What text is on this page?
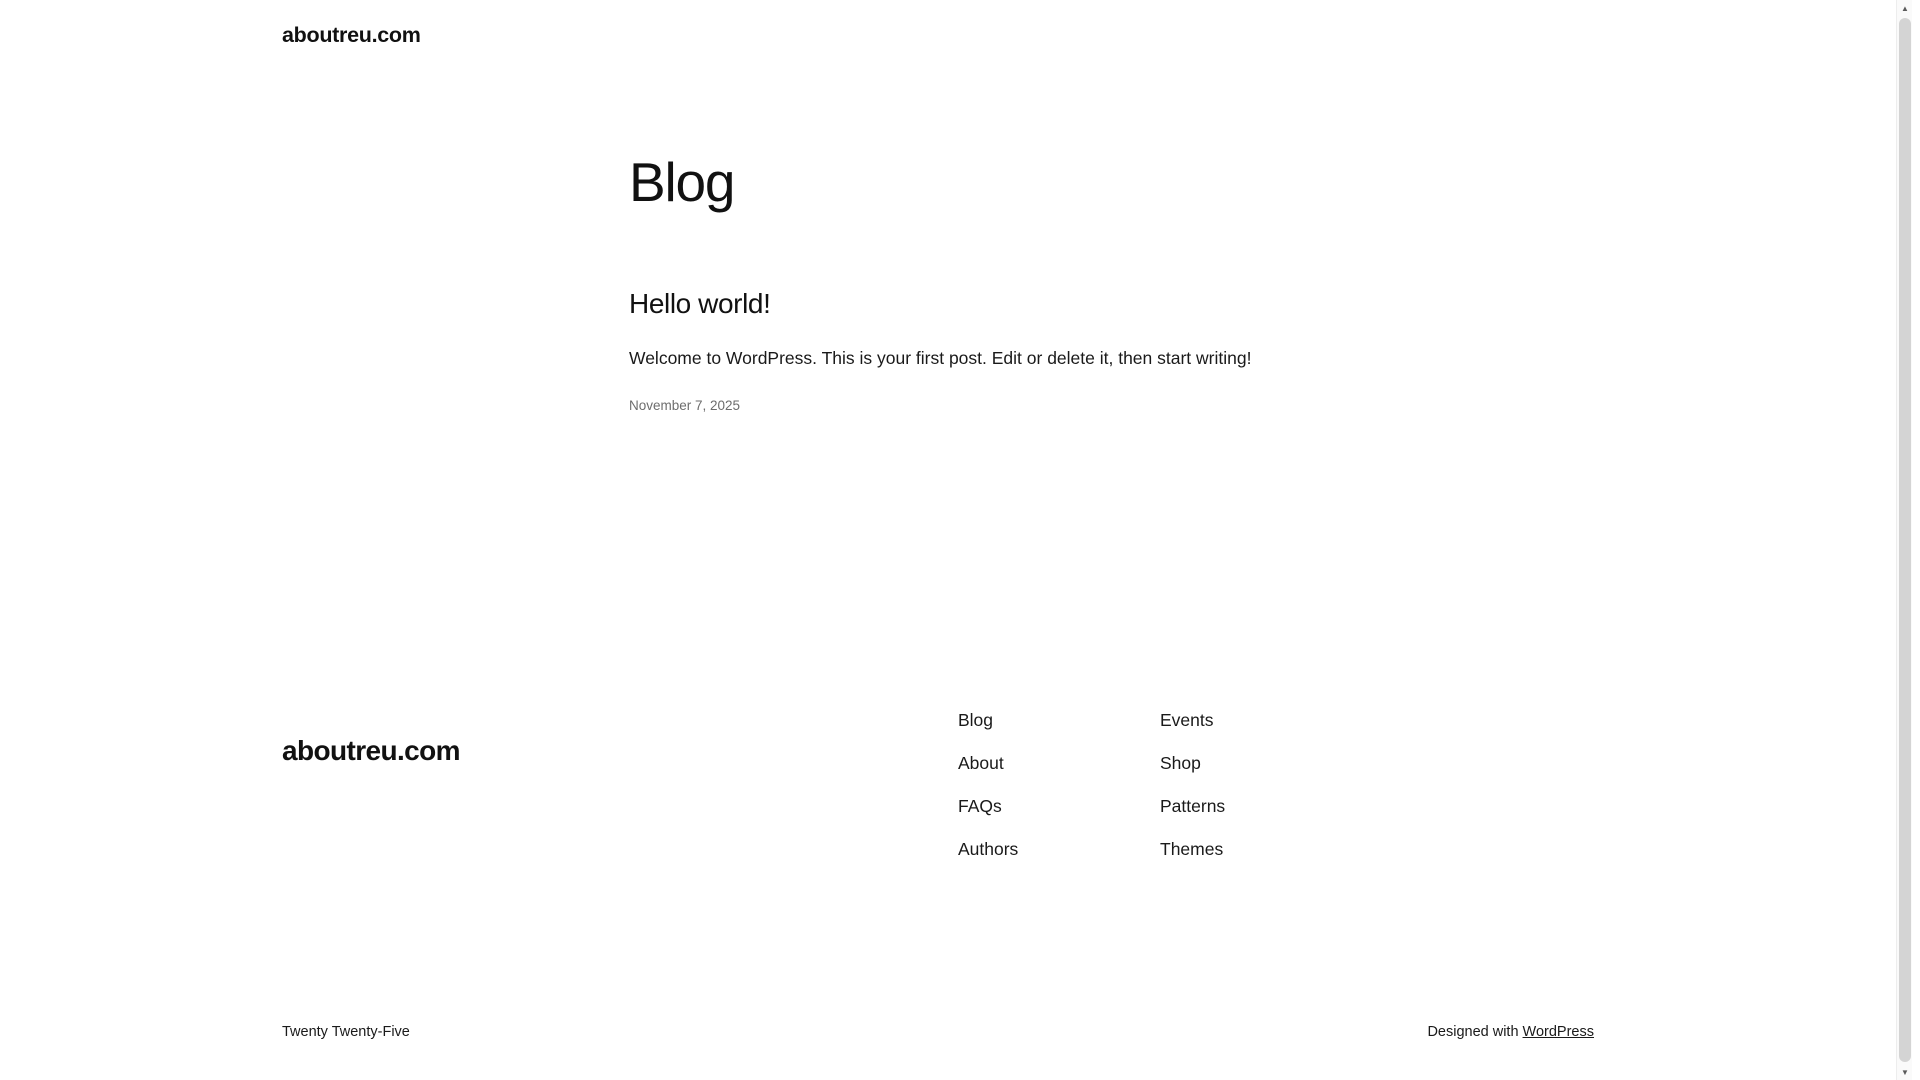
aboutreu.com
Blog
Hello world!

Welcome to WordPress. This is your first post. Edit or delete it, then start writing!

November 7, 2025
aboutreu.com
Blog
About
FAQs
Authors
Events
Shop
Patterns
Themes
Twenty Twenty-Five	Designed with WordPress
▲
▼
